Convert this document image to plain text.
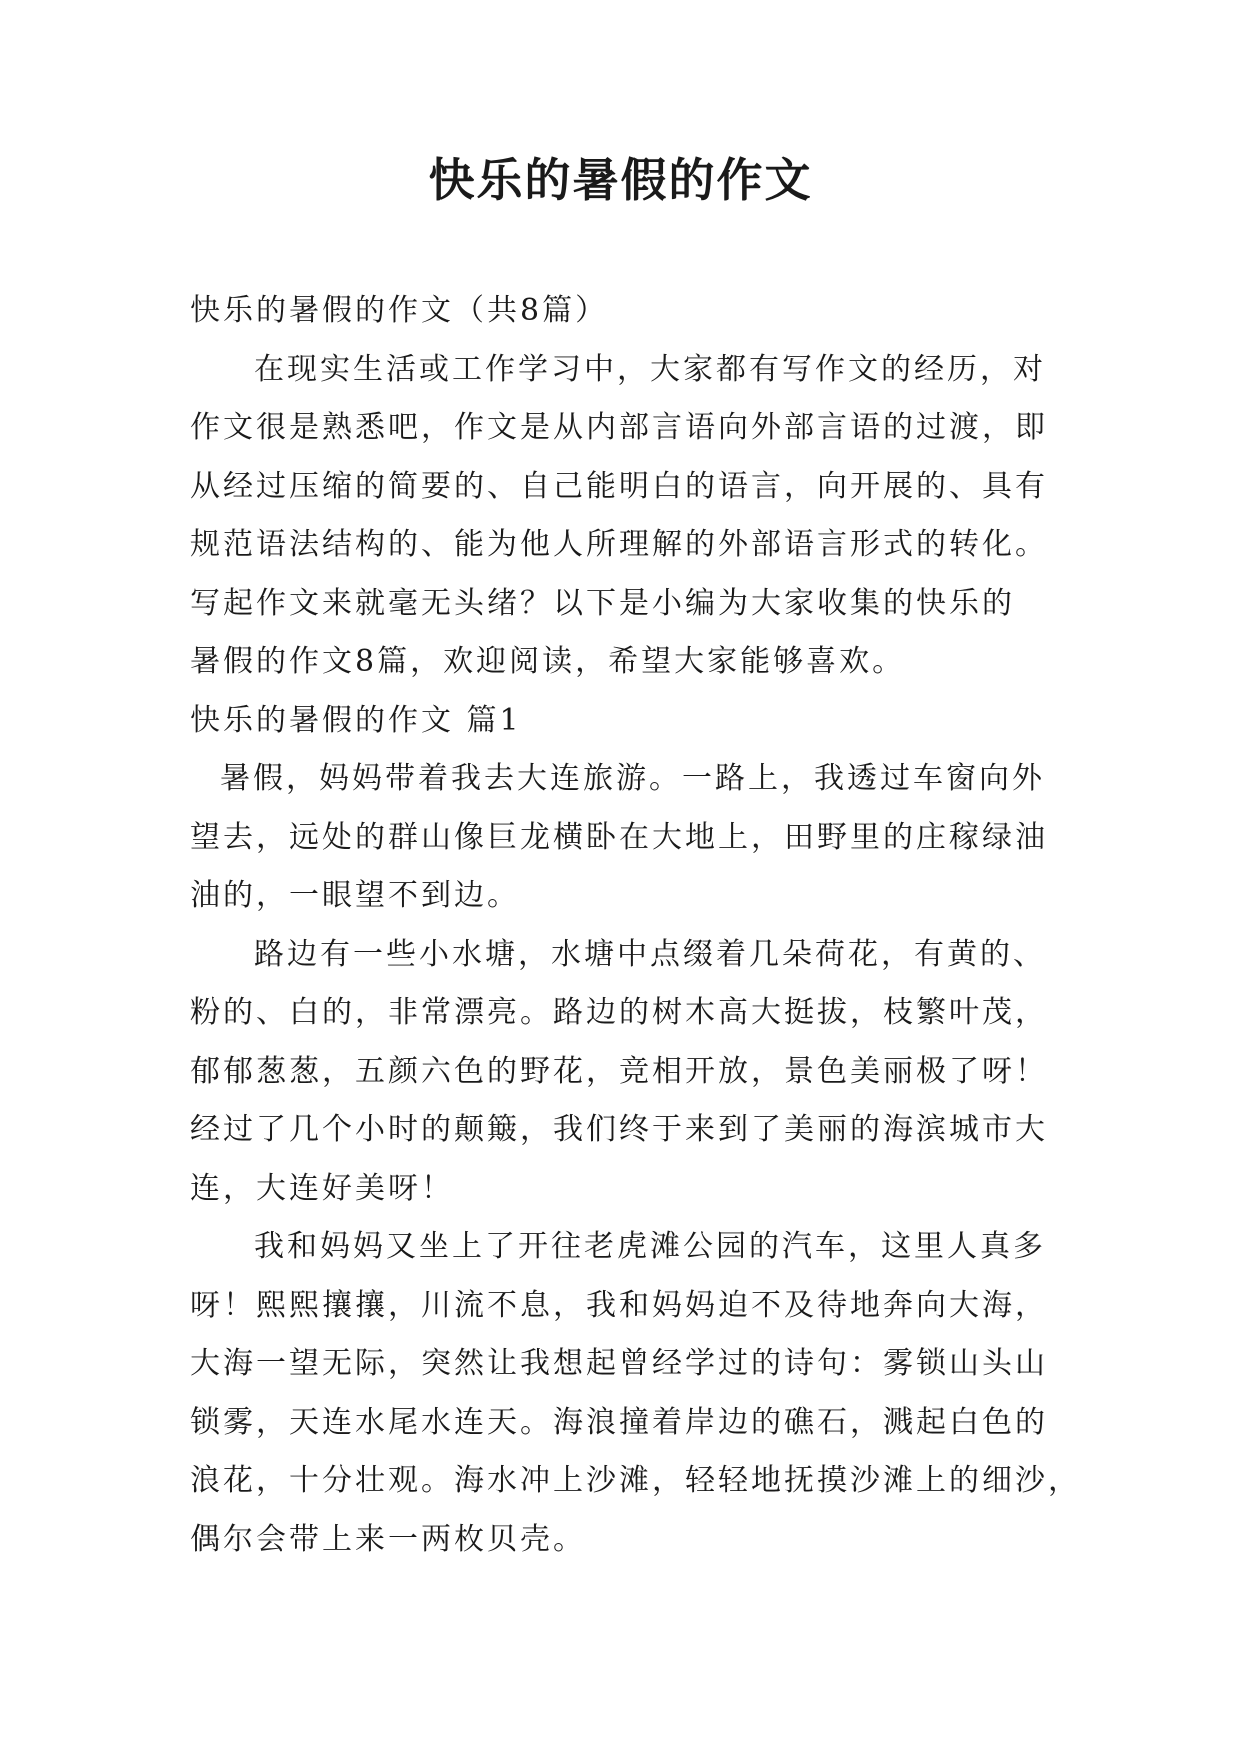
快乐的暑假的作文
快乐的暑假的作文（共8篇）
在现实生活或工作学习中，大家都有写作文的经历，对
作文很是熟悉吧，作文是从内部言语向外部言语的过渡，即
从经过压缩的简要的、自己能明白的语言，向开展的、具有
规范语法结构的、能为他人所理解的外部语言形式的转化。
写起作文来就毫无头绪？以下是小编为大家收集的快乐的
暑假的作文8篇，欢迎阅读，希望大家能够喜欢。
快乐的暑假的作文 篇1
暑假，妈妈带着我去大连旅游。一路上，我透过车窗向外
望去，远处的群山像巨龙横卧在大地上，田野里的庄稼绿油
油的，一眼望不到边。
路边有一些小水塘，水塘中点缀着几朵荷花，有黄的、
粉的、白的，非常漂亮。路边的树木高大挺拔，枝繁叶茂，
郁郁葱葱，五颜六色的野花，竞相开放，景色美丽极了呀！
经过了几个小时的颠簸，我们终于来到了美丽的海滨城市大
连，大连好美呀！
我和妈妈又坐上了开往老虎滩公园的汽车，这里人真多
呀！熙熙攘攘，川流不息，我和妈妈迫不及待地奔向大海，
大海一望无际，突然让我想起曾经学过的诗句：雾锁山头山
锁雾，天连水尾水连天。海浪撞着岸边的礁石，溅起白色的
浪花，十分壮观。海水冲上沙滩，轻轻地抚摸沙滩上的细沙，
偶尔会带上来一两枚贝壳。
